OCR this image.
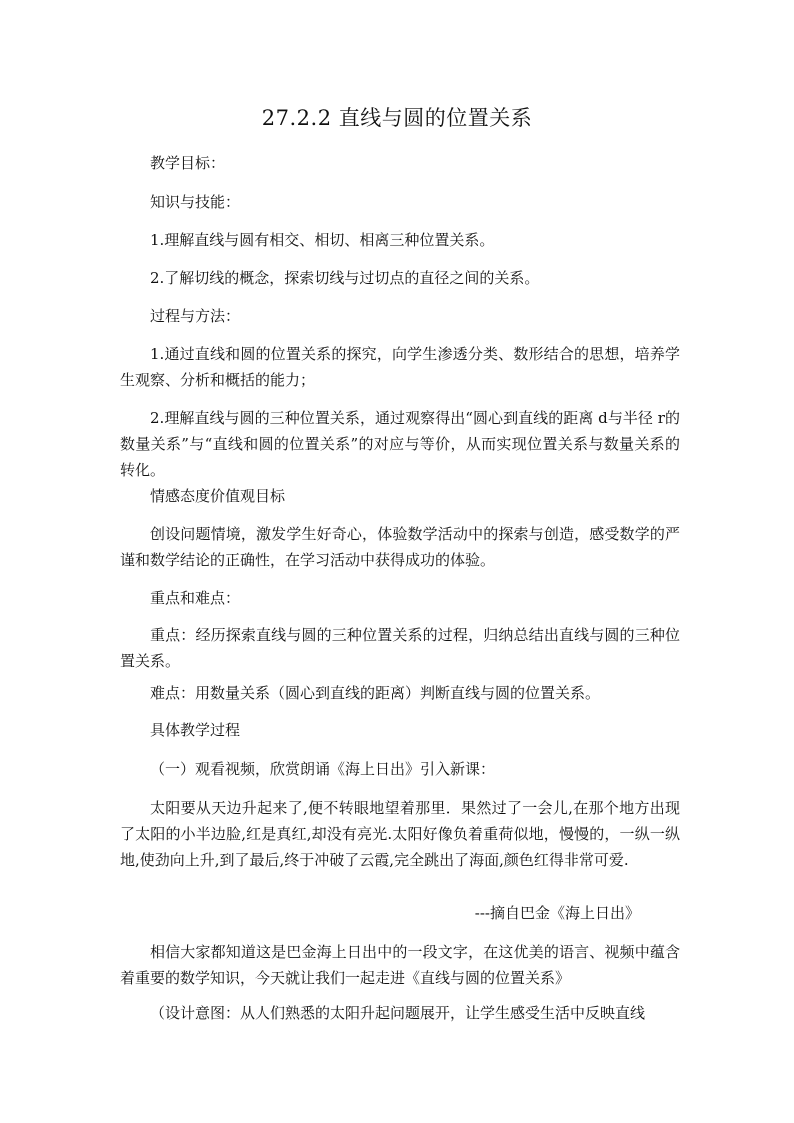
27.2.2 直线与圆的位置关系
教学目标：
知识与技能：
1.理解直线与圆有相交、相切、相离三种位置关系。
2.了解切线的概念，探索切线与过切点的直径之间的关系。
过程与方法：
1.通过直线和圆的位置关系的探究，向学生渗透分类、数形结合的思想，培养学生观察、分析和概括的能力；
2.理解直线与圆的三种位置关系，通过观察得出“圆心到直线的距离 d与半径 r的数量关系”与“直线和圆的位置关系”的对应与等价，从而实现位置关系与数量关系的转化。
情感态度价值观目标
创设问题情境，激发学生好奇心，体验数学活动中的探索与创造，感受数学的严谨和数学结论的正确性，在学习活动中获得成功的体验。
重点和难点：
重点：经历探索直线与圆的三种位置关系的过程，归纳总结出直线与圆的三种位置关系。
难点：用数量关系（圆心到直线的距离）判断直线与圆的位置关系。
具体教学过程
（一）观看视频，欣赏朗诵《海上日出》引入新课：
太阳要从天边升起来了,便不转眼地望着那里．果然过了一会儿,在那个地方出现了太阳的小半边脸,红是真红,却没有亮光.太阳好像负着重荷似地，慢慢的，一纵一纵地,使劲向上升,到了最后,终于冲破了云霞,完全跳出了海面,颜色红得非常可爱.
---摘自巴金《海上日出》
相信大家都知道这是巴金海上日出中的一段文字，在这优美的语言、视频中蕴含着重要的数学知识，今天就让我们一起走进《直线与圆的位置关系》
（设计意图：从人们熟悉的太阳升起问题展开，让学生感受生活中反映直线
